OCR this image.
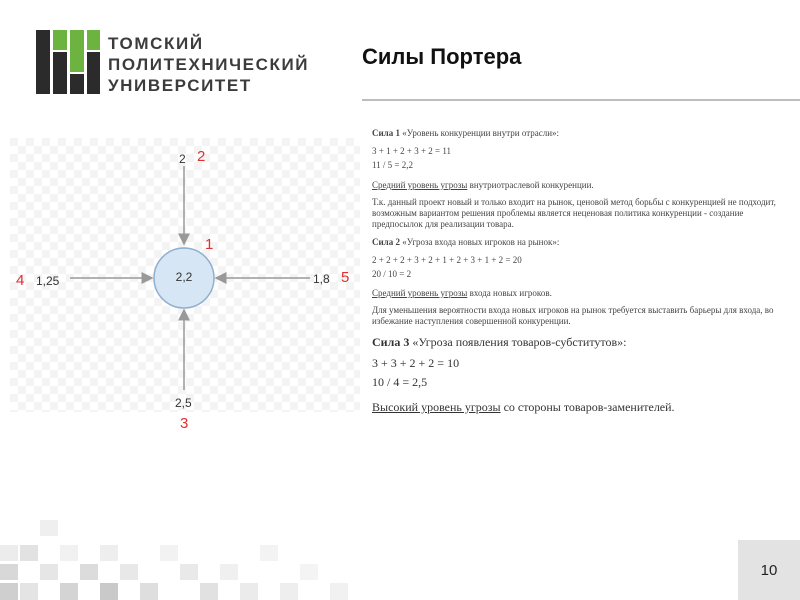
ТОМСКИЙ
ПОЛИТЕХНИЧЕСКИЙ
УНИВЕРСИТЕТ
Силы Портера
2,2
1
2 2
2,5
3
1,25
4	1,8 5

Сила 1 «Уровень конкуренции внутри отрасли»:

3 + 1 + 2 + 3 + 2 = 11

11 / 5 = 2,2

Средний уровень угрозы внутриотраслевой конкуренции.

Т.к. данный проект новый и только входит на рынок, ценовой метод борьбы с конкуренцией не подходит, возможным вариантом решения проблемы является неценовая политика конкуренции - создание предпосылок для реализации товара.

Сила 2 «Угроза входа новых игроков на рынок»:

2 + 2 + 2 + 3 + 2 + 1 + 2 + 3 + 1 + 2 = 20

20 / 10 = 2

Средний уровень угрозы входа новых игроков.

Для уменьшения вероятности входа новых игроков на рынок требуется выставить барьеры для входа, во избежание наступления совершенной конкуренции.

Сила 3 «Угроза появления товаров-субститутов»:

3 + 3 + 2 + 2 = 10

10 / 4 = 2,5

Высокий уровень угрозы со стороны товаров-заменителей.

10
